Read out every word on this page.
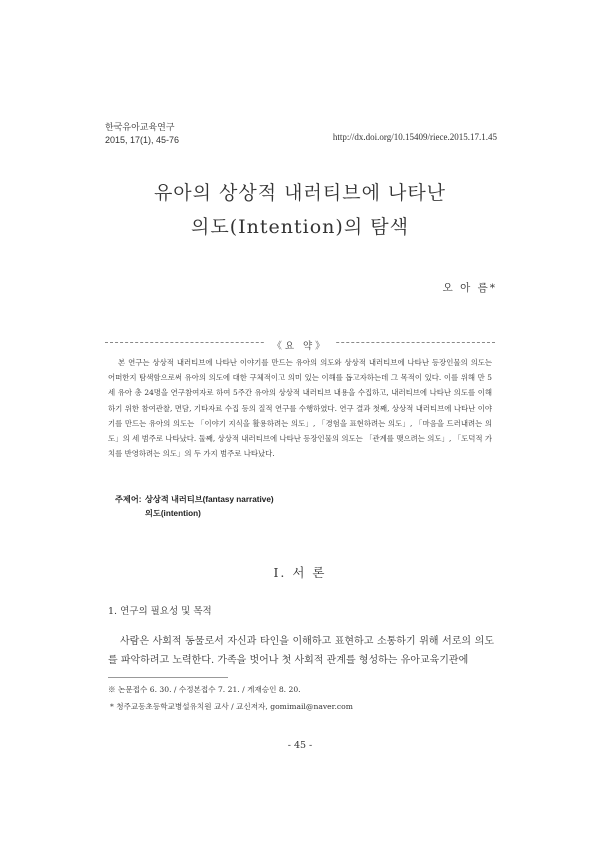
한국유아교육연구
2015, 17(1), 45-76	http://dx.doi.org/10.15409/riece.2015.17.1.45
유아의 상상적 내러티브에 나타난
의도(Intention)의 탐색
오 아 름*
《요 약》

본 연구는 상상적 내러티브에 나타난 이야기를 만드는 유아의 의도와 상상적 내러티브에 나타난 등장인물의 의도는 어떠한지 탐색함으로써 유아의 의도에 대한 구체적이고 의미 있는 이해를 돕고자하는데 그 목적이 있다. 이를 위해 만 5세 유아 총 24명을 연구참여자로 하여 5주간 유아의 상상적 내러티브 내용을 수집하고, 내러티브에 나타난 의도를 이해하기 위한 참여관찰, 면담, 기타자료 수집 등의 질적 연구를 수행하였다. 연구 결과 첫째, 상상적 내러티브에 나타난 이야기를 만드는 유아의 의도는 「이야기 지식을 활용하려는 의도」, 「경험을 표현하려는 의도」, 「마음을 드러내려는 의도」의 세 범주로 나타났다. 둘째, 상상적 내러티브에 나타난 등장인물의 의도는 「관계를 맺으려는 의도」, 「도덕적 가치를 반영하려는 의도」의 두 가지 범주로 나타났다.

주제어: 상상적 내러티브(fantasy narrative)
의도(intention)
Ⅰ. 서 론
1. 연구의 필요성 및 목적

사람은 사회적 동물로서 자신과 타인을 이해하고 표현하고 소통하기 위해 서로의 의도를 파악하려고 노력한다. 가족을 벗어나 첫 사회적 관계를 형성하는 유아교육기관에

※ 논문접수 6. 30. / 수정본접수 7. 21. / 게재승인 8. 20.
* 청주교동초등학교병설유치원 교사 / 교신저자, gomimail@naver.com
- 45 -
